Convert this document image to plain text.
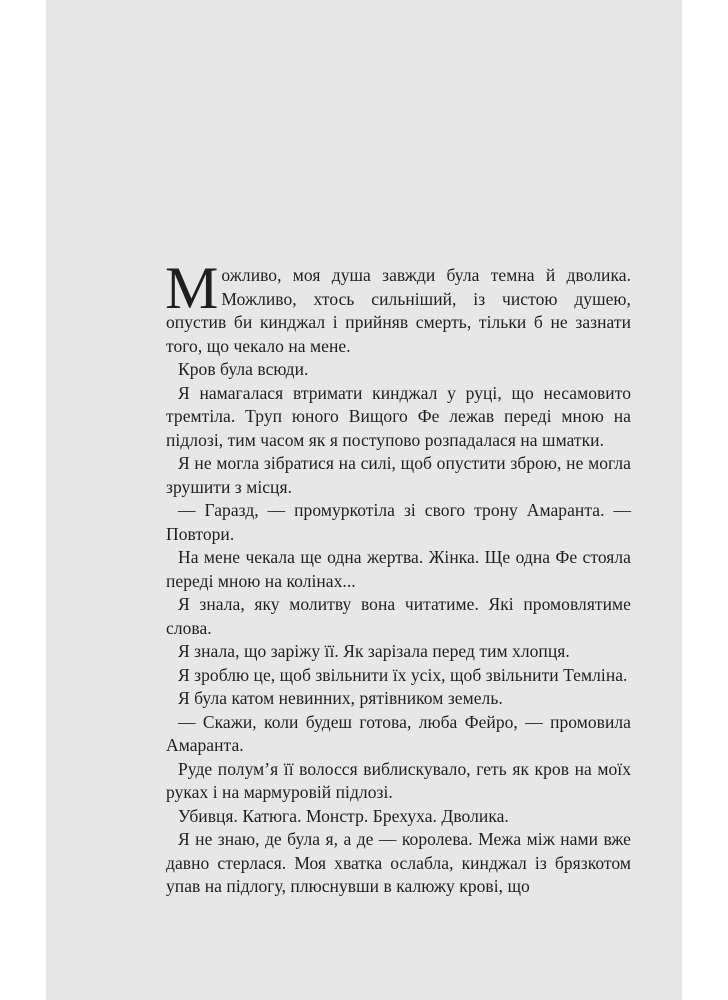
Можливо, моя душа завжди була темна й дволика. Можливо, хтось сильніший, із чистою душею, опустив би кинджал і прийняв смерть, тільки б не зазнати того, що чекало на мене.

Кров була всюди.

Я намагалася втримати кинджал у руці, що несамовито тремтіла. Труп юного Вищого Фе лежав переді мною на підлозі, тим часом як я поступово розпадалася на шматки.

Я не могла зібратися на силі, щоб опустити зброю, не могла зрушити з місця.

— Гаразд, — промуркотіла зі свого трону Амаранта. — Повтори.

На мене чекала ще одна жертва. Жінка. Ще одна Фе стояла переді мною на колінах...

Я знала, яку молитву вона читатиме. Які промовлятиме слова.

Я знала, що заріжу її. Як зарізала перед тим хлопця.

Я зроблю це, щоб звільнити їх усіх, щоб звільнити Темліна.

Я була катом невинних, рятівником земель.

— Скажи, коли будеш готова, люба Фейро, — промовила Амаранта.

Руде полум’я її волосся виблискувало, геть як кров на моїх руках і на мармуровій підлозі.

Убивця. Катюга. Монстр. Брехуха. Дволика.

Я не знаю, де була я, а де — королева. Межа між нами вже давно стерлася. Моя хватка ослабла, кинджал із брязкотом упав на підлогу, плюснувши в калюжу крові, що
